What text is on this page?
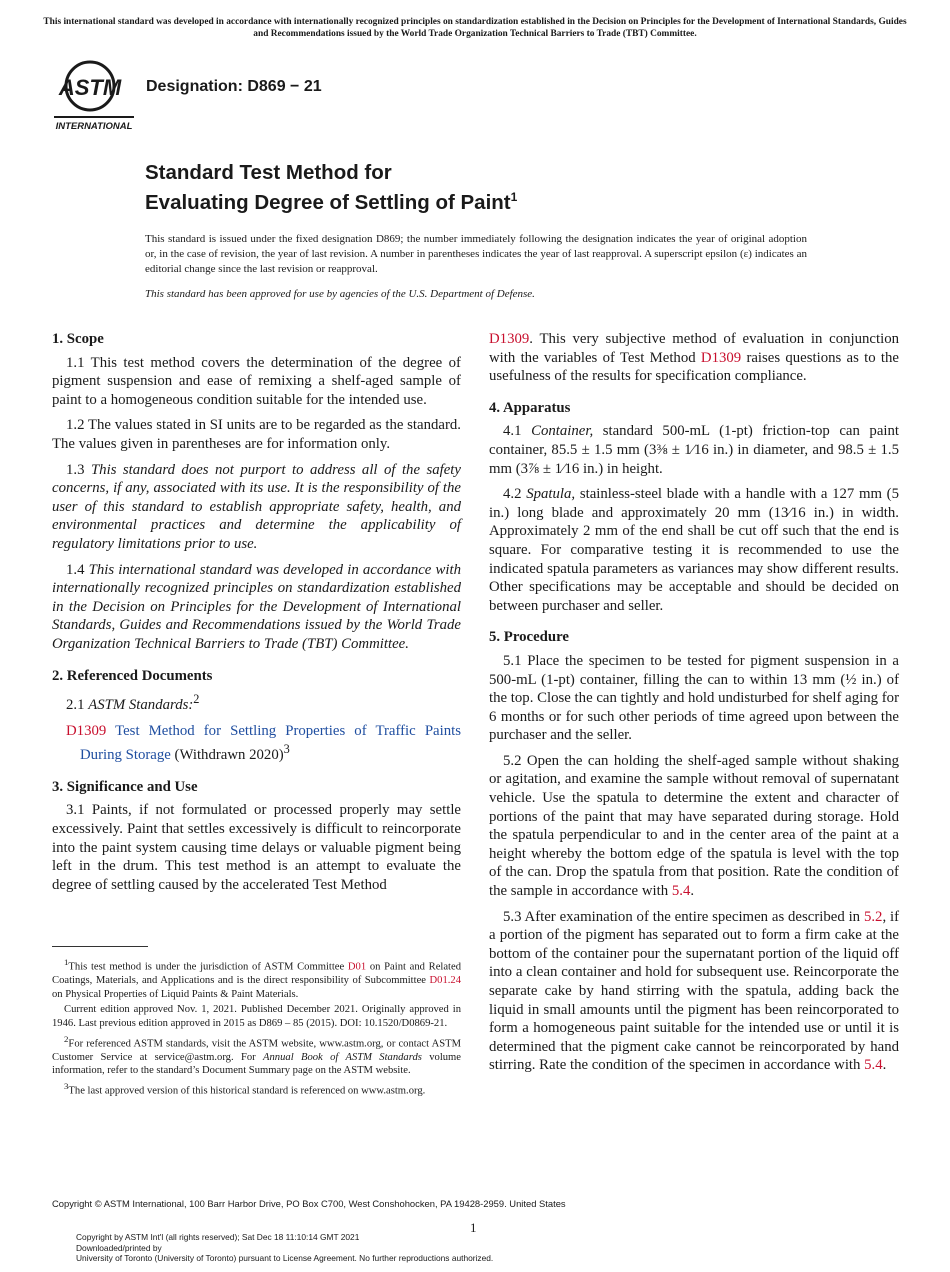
This international standard was developed in accordance with internationally recognized principles on standardization established in the Decision on Principles for the Development of International Standards, Guides and Recommendations issued by the World Trade Organization Technical Barriers to Trade (TBT) Committee.
ASTM
INTERNATIONAL
Designation: D869 − 21
Standard Test Method for
Evaluating Degree of Settling of Paint$^1$

This standard is issued under the fixed designation D869; the number immediately following the designation indicates the year of original adoption or, in the case of revision, the year of last revision. A number in parentheses indicates the year of last reapproval. A superscript epsilon (ε) indicates an editorial change since the last revision or reapproval.

This standard has been approved for use by agencies of the U.S. Department of Defense.

1. Scope

1.1 This test method covers the determination of the degree of pigment suspension and ease of remixing a shelf-aged sample of paint to a homogeneous condition suitable for the intended use.

1.2 The values stated in SI units are to be regarded as the standard. The values given in parentheses are for information only.

1.3 This standard does not purport to address all of the safety concerns, if any, associated with its use. It is the responsibility of the user of this standard to establish appropriate safety, health, and environmental practices and determine the applicability of regulatory limitations prior to use.

1.4 This international standard was developed in accordance with internationally recognized principles on standardization established in the Decision on Principles for the Development of International Standards, Guides and Recommendations issued by the World Trade Organization Technical Barriers to Trade (TBT) Committee.

2. Referenced Documents

2.1 ASTM Standards:$^2$

D1309 Test Method for Settling Properties of Traffic Paints During Storage (Withdrawn 2020)$^3$

3. Significance and Use

3.1 Paints, if not formulated or processed properly may settle excessively. Paint that settles excessively is difficult to reincorporate into the paint system causing time delays or valuable pigment being left in the drum. This test method is an attempt to evaluate the degree of settling caused by the accelerated Test Method

$^1$This test method is under the jurisdiction of ASTM Committee D01 on Paint and Related Coatings, Materials, and Applications and is the direct responsibility of Subcommittee D01.24 on Physical Properties of Liquid Paints & Paint Materials.

Current edition approved Nov. 1, 2021. Published December 2021. Originally approved in 1946. Last previous edition approved in 2015 as D869 – 85 (2015). DOI: 10.1520/D0869-21.

$^2$For referenced ASTM standards, visit the ASTM website, www.astm.org, or contact ASTM Customer Service at service@astm.org. For Annual Book of ASTM Standards volume information, refer to the standard’s Document Summary page on the ASTM website.

$^3$The last approved version of this historical standard is referenced on www.astm.org.

D1309. This very subjective method of evaluation in conjunction with the variables of Test Method D1309 raises questions as to the usefulness of the results for specification compliance.

4. Apparatus

4.1 Container, standard 500-mL (1-pt) friction-top can paint container, 85.5 ± 1.5 mm (3⅜ ± 1⁄16 in.) in diameter, and 98.5 ± 1.5 mm (3⅞ ± 1⁄16 in.) in height.

4.2 Spatula, stainless-steel blade with a handle with a 127 mm (5 in.) long blade and approximately 20 mm (13⁄16 in.) in width. Approximately 2 mm of the end shall be cut off such that the end is square. For comparative testing it is recommended to use the indicated spatula parameters as variances may show different results. Other specifications may be acceptable and should be decided on between purchaser and seller.

5. Procedure

5.1 Place the specimen to be tested for pigment suspension in a 500-mL (1-pt) container, filling the can to within 13 mm (½ in.) of the top. Close the can tightly and hold undisturbed for shelf aging for 6 months or for such other periods of time agreed upon between the purchaser and the seller.

5.2 Open the can holding the shelf-aged sample without shaking or agitation, and examine the sample without removal of supernatant vehicle. Use the spatula to determine the extent and character of portions of the paint that may have separated during storage. Hold the spatula perpendicular to and in the center area of the paint at a height whereby the bottom edge of the spatula is level with the top of the can. Drop the spatula from that position. Rate the condition of the sample in accordance with 5.4.

5.3 After examination of the entire specimen as described in 5.2, if a portion of the pigment has separated out to form a firm cake at the bottom of the container pour the supernatant portion of the liquid off into a clean container and hold for subsequent use. Reincorporate the separate cake by hand stirring with the spatula, adding back the liquid in small amounts until the pigment has been reincorporated to form a homogeneous paint suitable for the intended use or until it is determined that the pigment cake cannot be reincorporated by hand stirring. Rate the condition of the specimen in accordance with 5.4.

Copyright © ASTM International, 100 Barr Harbor Drive, PO Box C700, West Conshohocken, PA 19428-2959. United States
1
Copyright by ASTM Int'l (all rights reserved); Sat Dec 18 11:10:14 GMT 2021
Downloaded/printed by
University of Toronto (University of Toronto) pursuant to License Agreement. No further reproductions authorized.
